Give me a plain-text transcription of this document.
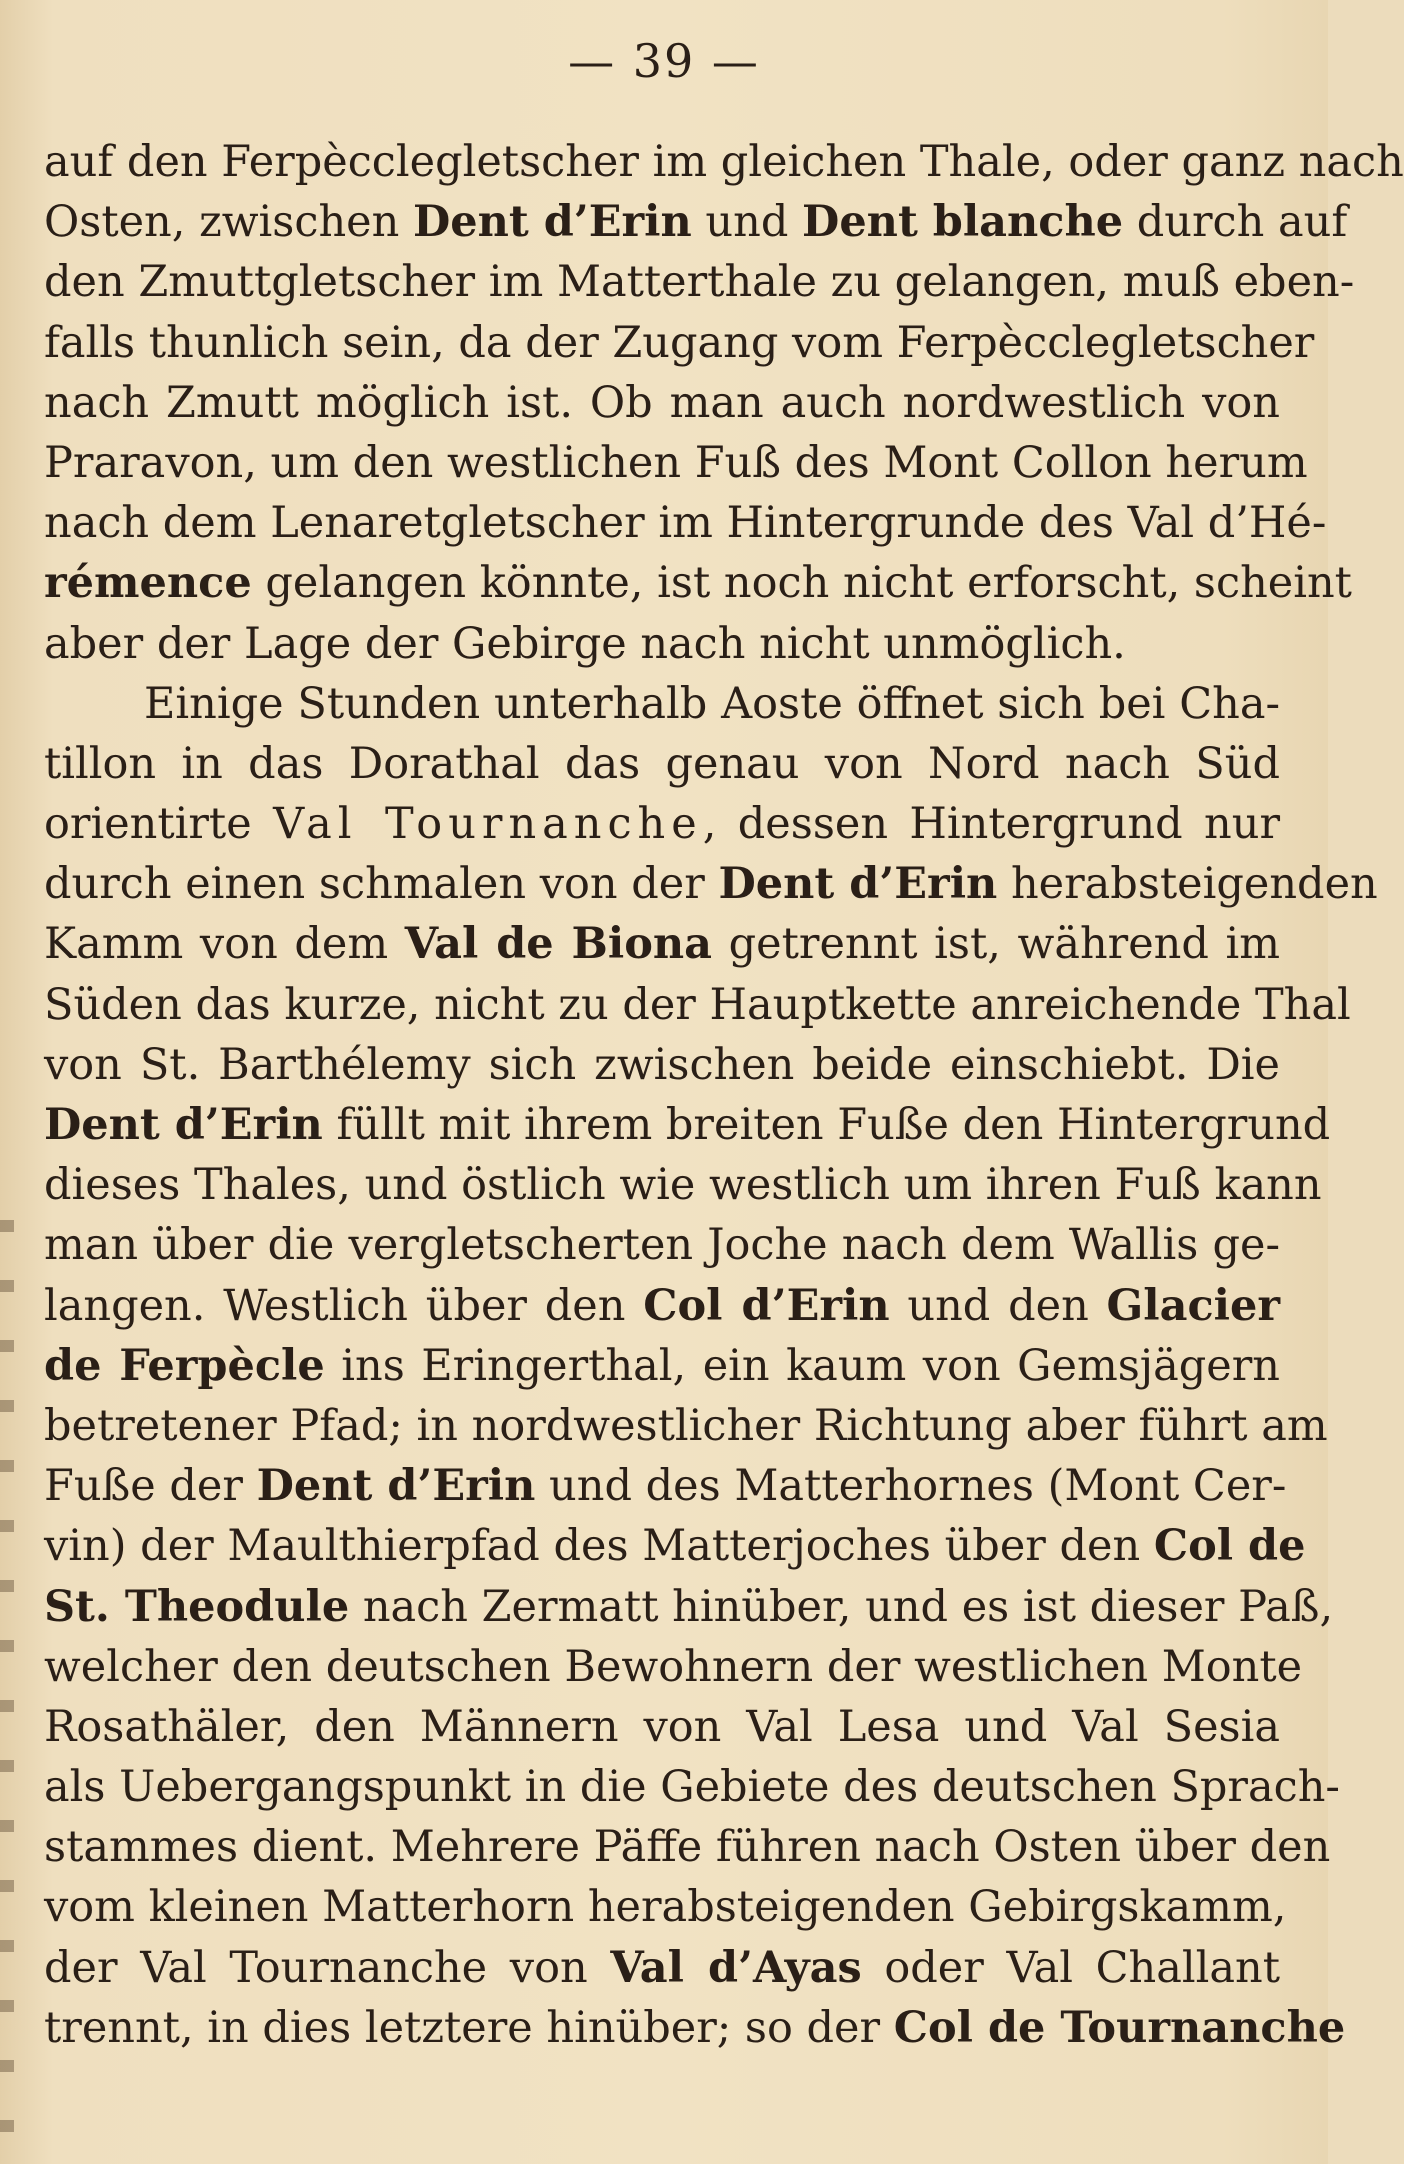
— 39 —
auf den Ferpècclegletscher im gleichen Thale, oder ganz nach
Osten, zwischen Dent d’Erin und Dent blanche durch auf
den Zmuttgletscher im Matterthale zu gelangen, muß eben-
falls thunlich sein, da der Zugang vom Ferpècclegletscher
nach Zmutt möglich ist. Ob man auch nordwestlich von
Praravon, um den westlichen Fuß des Mont Collon herum
nach dem Lenaretgletscher im Hintergrunde des Val d’Hé-
rémence gelangen könnte, ist noch nicht erforscht, scheint
aber der Lage der Gebirge nach nicht unmöglich.
Einige Stunden unterhalb Aoste öffnet sich bei Cha-
tillon in das Dorathal das genau von Nord nach Süd
orientirte Val Tournanche, dessen Hintergrund nur
durch einen schmalen von der Dent d’Erin herabsteigenden
Kamm von dem Val de Biona getrennt ist, während im
Süden das kurze, nicht zu der Hauptkette anreichende Thal
von St. Barthélemy sich zwischen beide einschiebt. Die
Dent d’Erin füllt mit ihrem breiten Fuße den Hintergrund
dieses Thales, und östlich wie westlich um ihren Fuß kann
man über die vergletscherten Joche nach dem Wallis ge-
langen. Westlich über den Col d’Erin und den Glacier
de Ferpècle ins Eringerthal, ein kaum von Gemsjägern
betretener Pfad; in nordwestlicher Richtung aber führt am
Fuße der Dent d’Erin und des Matterhornes (Mont Cer-
vin) der Maulthierpfad des Matterjoches über den Col de
St. Theodule nach Zermatt hinüber, und es ist dieser Paß,
welcher den deutschen Bewohnern der westlichen Monte
Rosathäler, den Männern von Val Lesa und Val Sesia
als Uebergangspunkt in die Gebiete des deutschen Sprach-
stammes dient. Mehrere Päffe führen nach Osten über den
vom kleinen Matterhorn herabsteigenden Gebirgskamm,
der Val Tournanche von Val d’Ayas oder Val Challant
trennt, in dies letztere hinüber; so der Col de Tournanche
